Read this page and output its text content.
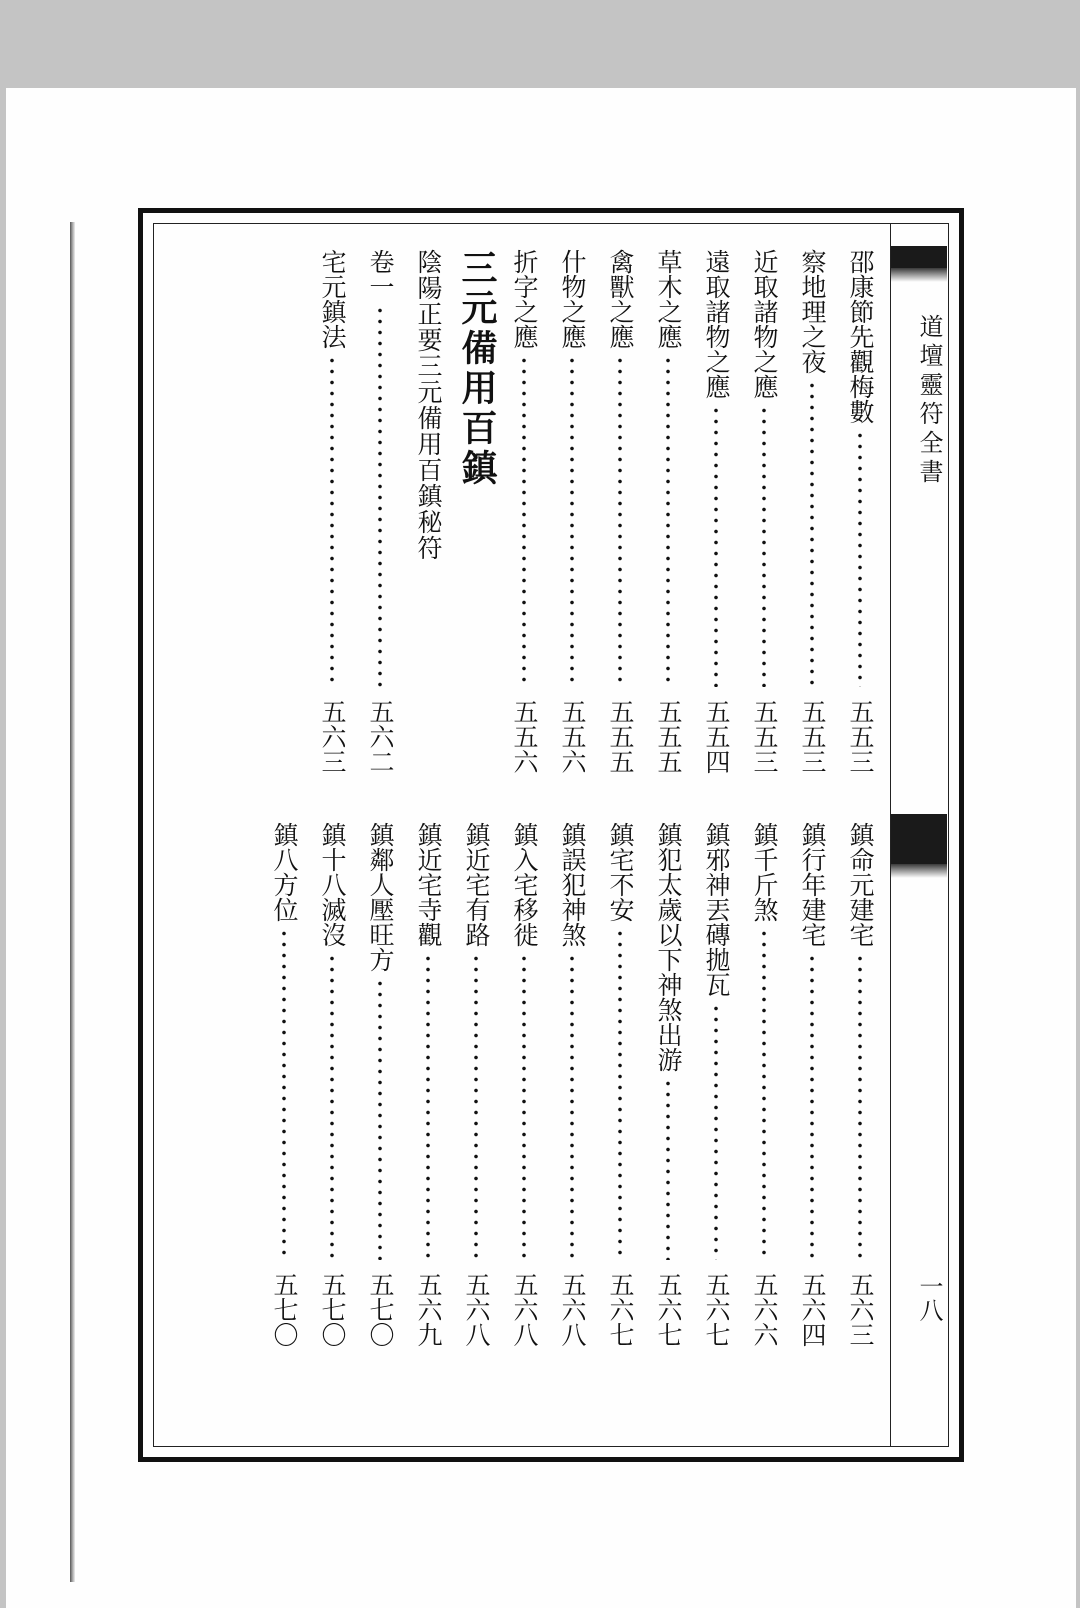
邵康節先觀梅數
五五三
察地理之夜
五五三
近取諸物之應
五五三
遠取諸物之應
五五四
草木之應
五五五
禽獸之應
五五五
什物之應
五五六
折字之應
五五六
三元備用百鎮
陰陽正要三元備用百鎮秘符
卷一
五六二
宅元鎮法
五六三
鎮命元建宅
五六三
鎮行年建宅
五六四
鎮千斤煞
五六六
鎮邪神丟磚拋瓦
五六七
鎮犯太歲以下神煞出游
五六七
鎮宅不安
五六七
鎮誤犯神煞
五六八
鎮入宅移徙
五六八
鎮近宅有路
五六八
鎮近宅寺觀
五六九
鎮鄰人壓旺方
五七〇
鎮十八滅沒
五七〇
鎮八方位
五七〇
道壇靈符全書
一八
